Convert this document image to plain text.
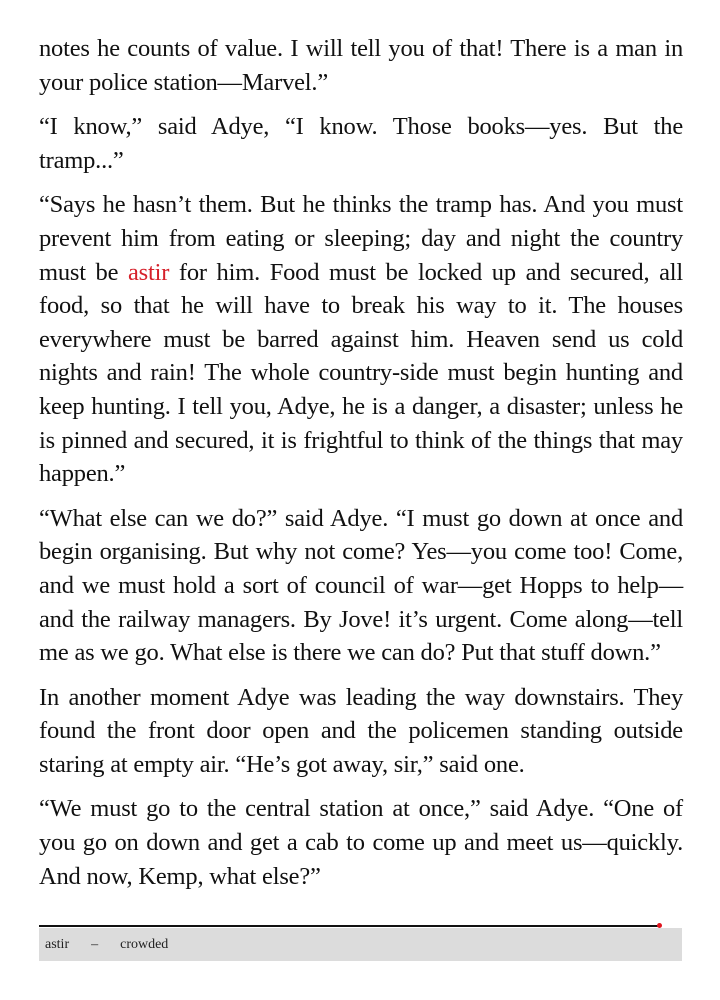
notes he counts of value. I will tell you of that! There is a man in your police station—Marvel.”

“I know,” said Adye, “I know. Those books—yes. But the tramp...”

“Says he hasn’t them. But he thinks the tramp has. And you must prevent him from eating or sleeping; day and night the country must be astir for him. Food must be locked up and secured, all food, so that he will have to break his way to it. The houses everywhere must be barred against him. Heaven send us cold nights and rain! The whole country-side must begin hunting and keep hunting. I tell you, Adye, he is a danger, a disaster; unless he is pinned and secured, it is frightful to think of the things that may happen.”

“What else can we do?” said Adye. “I must go down at once and begin organising. But why not come? Yes—you come too! Come, and we must hold a sort of council of war—get Hopps to help—and the railway managers. By Jove! it’s urgent. Come along—tell me as we go. What else is there we can do? Put that stuff down.”

In another moment Adye was leading the way downstairs. They found the front door open and the policemen standing outside staring at empty air. “He’s got away, sir,” said one.

“We must go to the central station at once,” said Adye. “One of you go on down and get a cab to come up and meet us—quickly. And now, Kemp, what else?”

astir – crowded
